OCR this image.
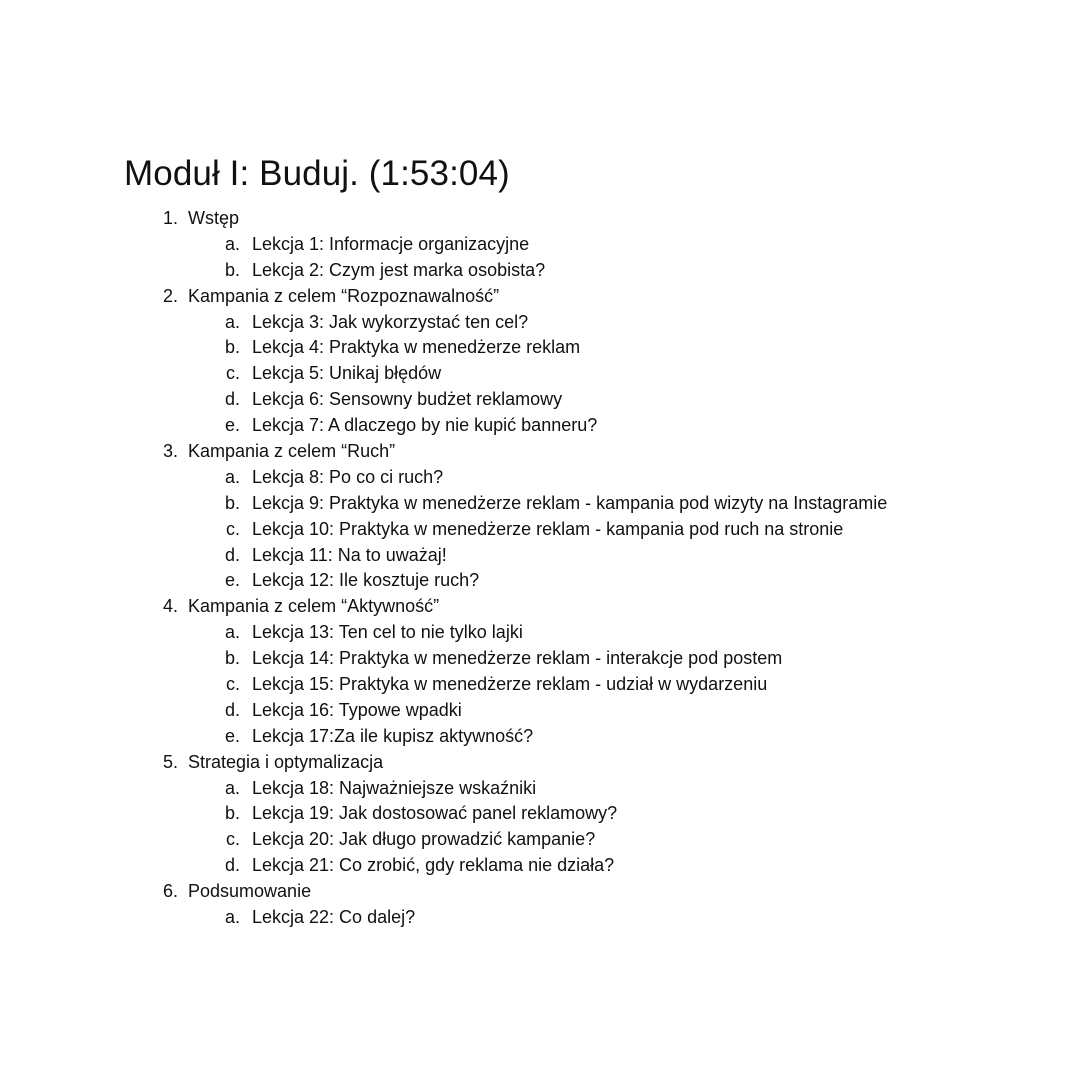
Moduł I: Buduj. (1:53:04)
1. Wstęp
a. Lekcja 1: Informacje organizacyjne
b. Lekcja 2: Czym jest marka osobista?
2. Kampania z celem “Rozpoznawalność”
a. Lekcja 3: Jak wykorzystać ten cel?
b. Lekcja 4: Praktyka w menedżerze reklam
c. Lekcja 5: Unikaj błędów
d. Lekcja 6: Sensowny budżet reklamowy
e. Lekcja 7: A dlaczego by nie kupić banneru?
3. Kampania z celem “Ruch”
a. Lekcja 8: Po co ci ruch?
b. Lekcja 9: Praktyka w menedżerze reklam - kampania pod wizyty na Instagramie
c. Lekcja 10: Praktyka w menedżerze reklam - kampania pod ruch na stronie
d. Lekcja 11: Na to uważaj!
e. Lekcja 12: Ile kosztuje ruch?
4. Kampania z celem “Aktywność”
a. Lekcja 13: Ten cel to nie tylko lajki
b. Lekcja 14: Praktyka w menedżerze reklam - interakcje pod postem
c. Lekcja 15: Praktyka w menedżerze reklam - udział w wydarzeniu
d. Lekcja 16: Typowe wpadki
e. Lekcja 17:Za ile kupisz aktywność?
5. Strategia i optymalizacja
a. Lekcja 18: Najważniejsze wskaźniki
b. Lekcja 19: Jak dostosować panel reklamowy?
c. Lekcja 20: Jak długo prowadzić kampanie?
d. Lekcja 21: Co zrobić, gdy reklama nie działa?
6. Podsumowanie
a. Lekcja 22: Co dalej?
